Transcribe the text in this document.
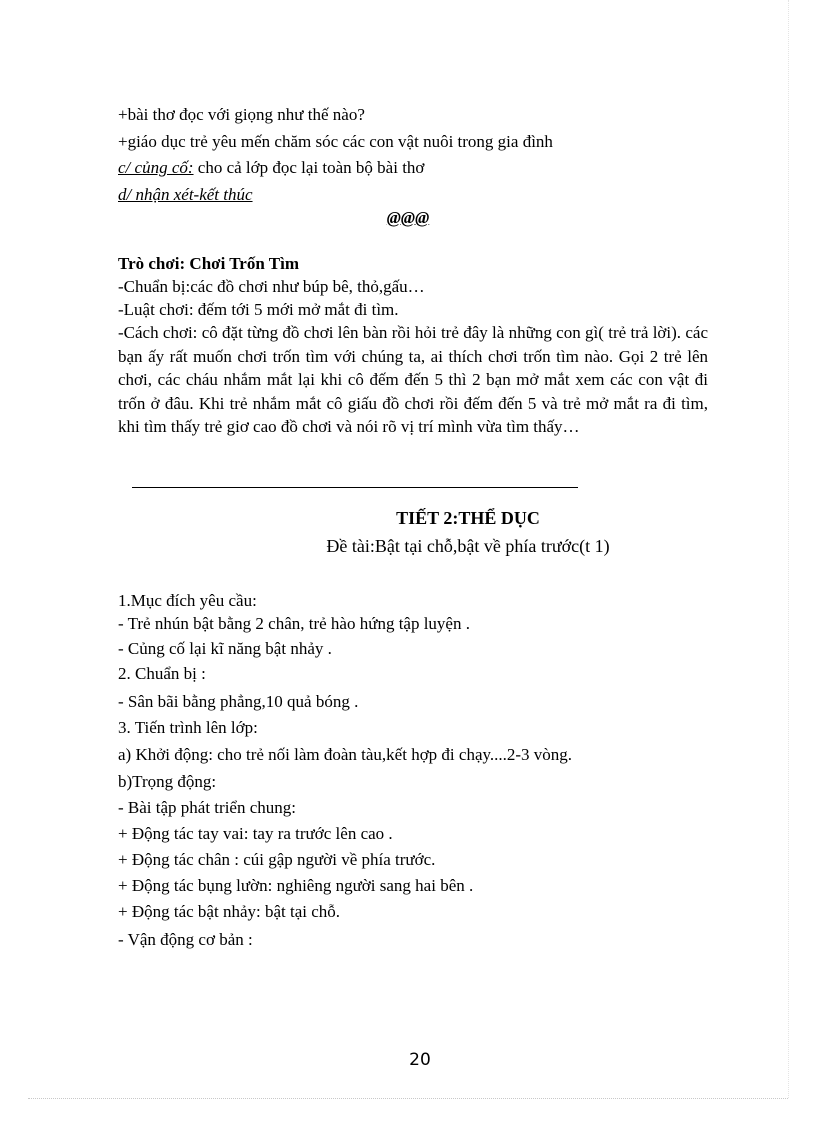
+bài thơ đọc với giọng như thế nào?
+giáo dục trẻ yêu mến chăm sóc các con vật nuôi trong gia đình
c/ củng cố: cho cả lớp đọc lại toàn bộ bài thơ
d/ nhận xét-kết thúc
@@@
Trò chơi: Chơi Trốn Tìm
-Chuẩn bị:các đồ chơi như búp bê, thỏ,gấu…
-Luật chơi: đếm tới 5 mới mở mắt đi tìm.
-Cách chơi: cô đặt từng đồ chơi lên bàn rồi hỏi trẻ đây là những con gì( trẻ trả lời). các bạn ấy rất muốn chơi trốn tìm với chúng ta, ai thích chơi trốn tìm nào. Gọi 2 trẻ lên chơi, các cháu nhắm mắt lại khi cô đếm đến 5 thì 2 bạn mở mắt xem các con vật đi trốn ở đâu. Khi trẻ nhắm mắt cô giấu đồ chơi rồi đếm đến 5 và trẻ mở mắt ra đi tìm, khi tìm thấy trẻ giơ cao đồ chơi và nói rõ vị trí mình vừa tìm thấy…
TIẾT 2:THỂ DỤC
Đề tài:Bật tại chỗ,bật về phía trước(t 1)
1.Mục đích yêu cầu:
- Trẻ nhún bật bằng 2 chân, trẻ hào hứng tập luyện .
- Củng cố lại kĩ năng bật nhảy .
2. Chuẩn bị :
- Sân bãi bằng phẳng,10 quả bóng .
3. Tiến trình lên lớp:
a) Khởi động: cho trẻ nối làm đoàn tàu,kết hợp đi chạy....2-3 vòng.
b)Trọng động:
- Bài tập phát triển chung:
+ Động tác tay vai: tay ra trước lên cao .
+ Động tác chân : cúi gập người về phía trước.
+ Động tác bụng lườn: nghiêng người sang hai bên .
+ Động tác bật nhảy: bật tại chỗ.
- Vận động cơ bản :
20
